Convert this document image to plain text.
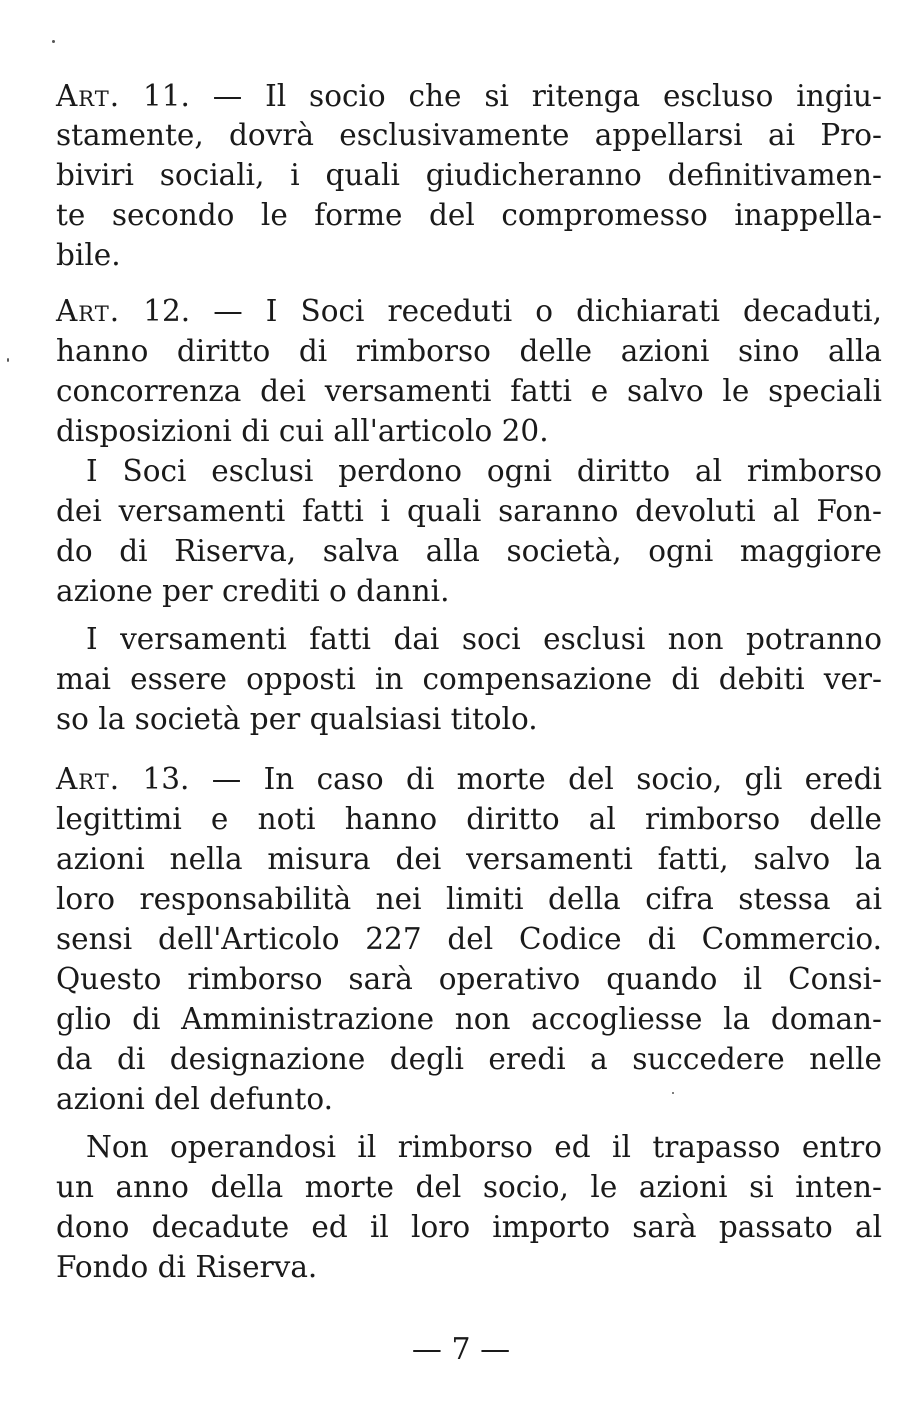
Art. 11. — Il socio che si ritenga escluso ingiu-
stamente, dovrà esclusivamente appellarsi ai Pro-
biviri sociali, i quali giudicheranno definitivamen-
te secondo le forme del compromesso inappella-
bile.
Art. 12. — I Soci receduti o dichiarati decaduti,
hanno diritto di rimborso delle azioni sino alla
concorrenza dei versamenti fatti e salvo le speciali
disposizioni di cui all'articolo 20.
I Soci esclusi perdono ogni diritto al rimborso
dei versamenti fatti i quali saranno devoluti al Fon-
do di Riserva, salva alla società, ogni maggiore
azione per crediti o danni.
I versamenti fatti dai soci esclusi non potranno
mai essere opposti in compensazione di debiti ver-
so la società per qualsiasi titolo.
Art. 13. — In caso di morte del socio, gli eredi
legittimi e noti hanno diritto al rimborso delle
azioni nella misura dei versamenti fatti, salvo la
loro responsabilità nei limiti della cifra stessa ai
sensi dell'Articolo 227 del Codice di Commercio.
Questo rimborso sarà operativo quando il Consi-
glio di Amministrazione non accogliesse la doman-
da di designazione degli eredi a succedere nelle
azioni del defunto.
Non operandosi il rimborso ed il trapasso entro
un anno della morte del socio, le azioni si inten-
dono decadute ed il loro importo sarà passato al
Fondo di Riserva.
— 7 —
